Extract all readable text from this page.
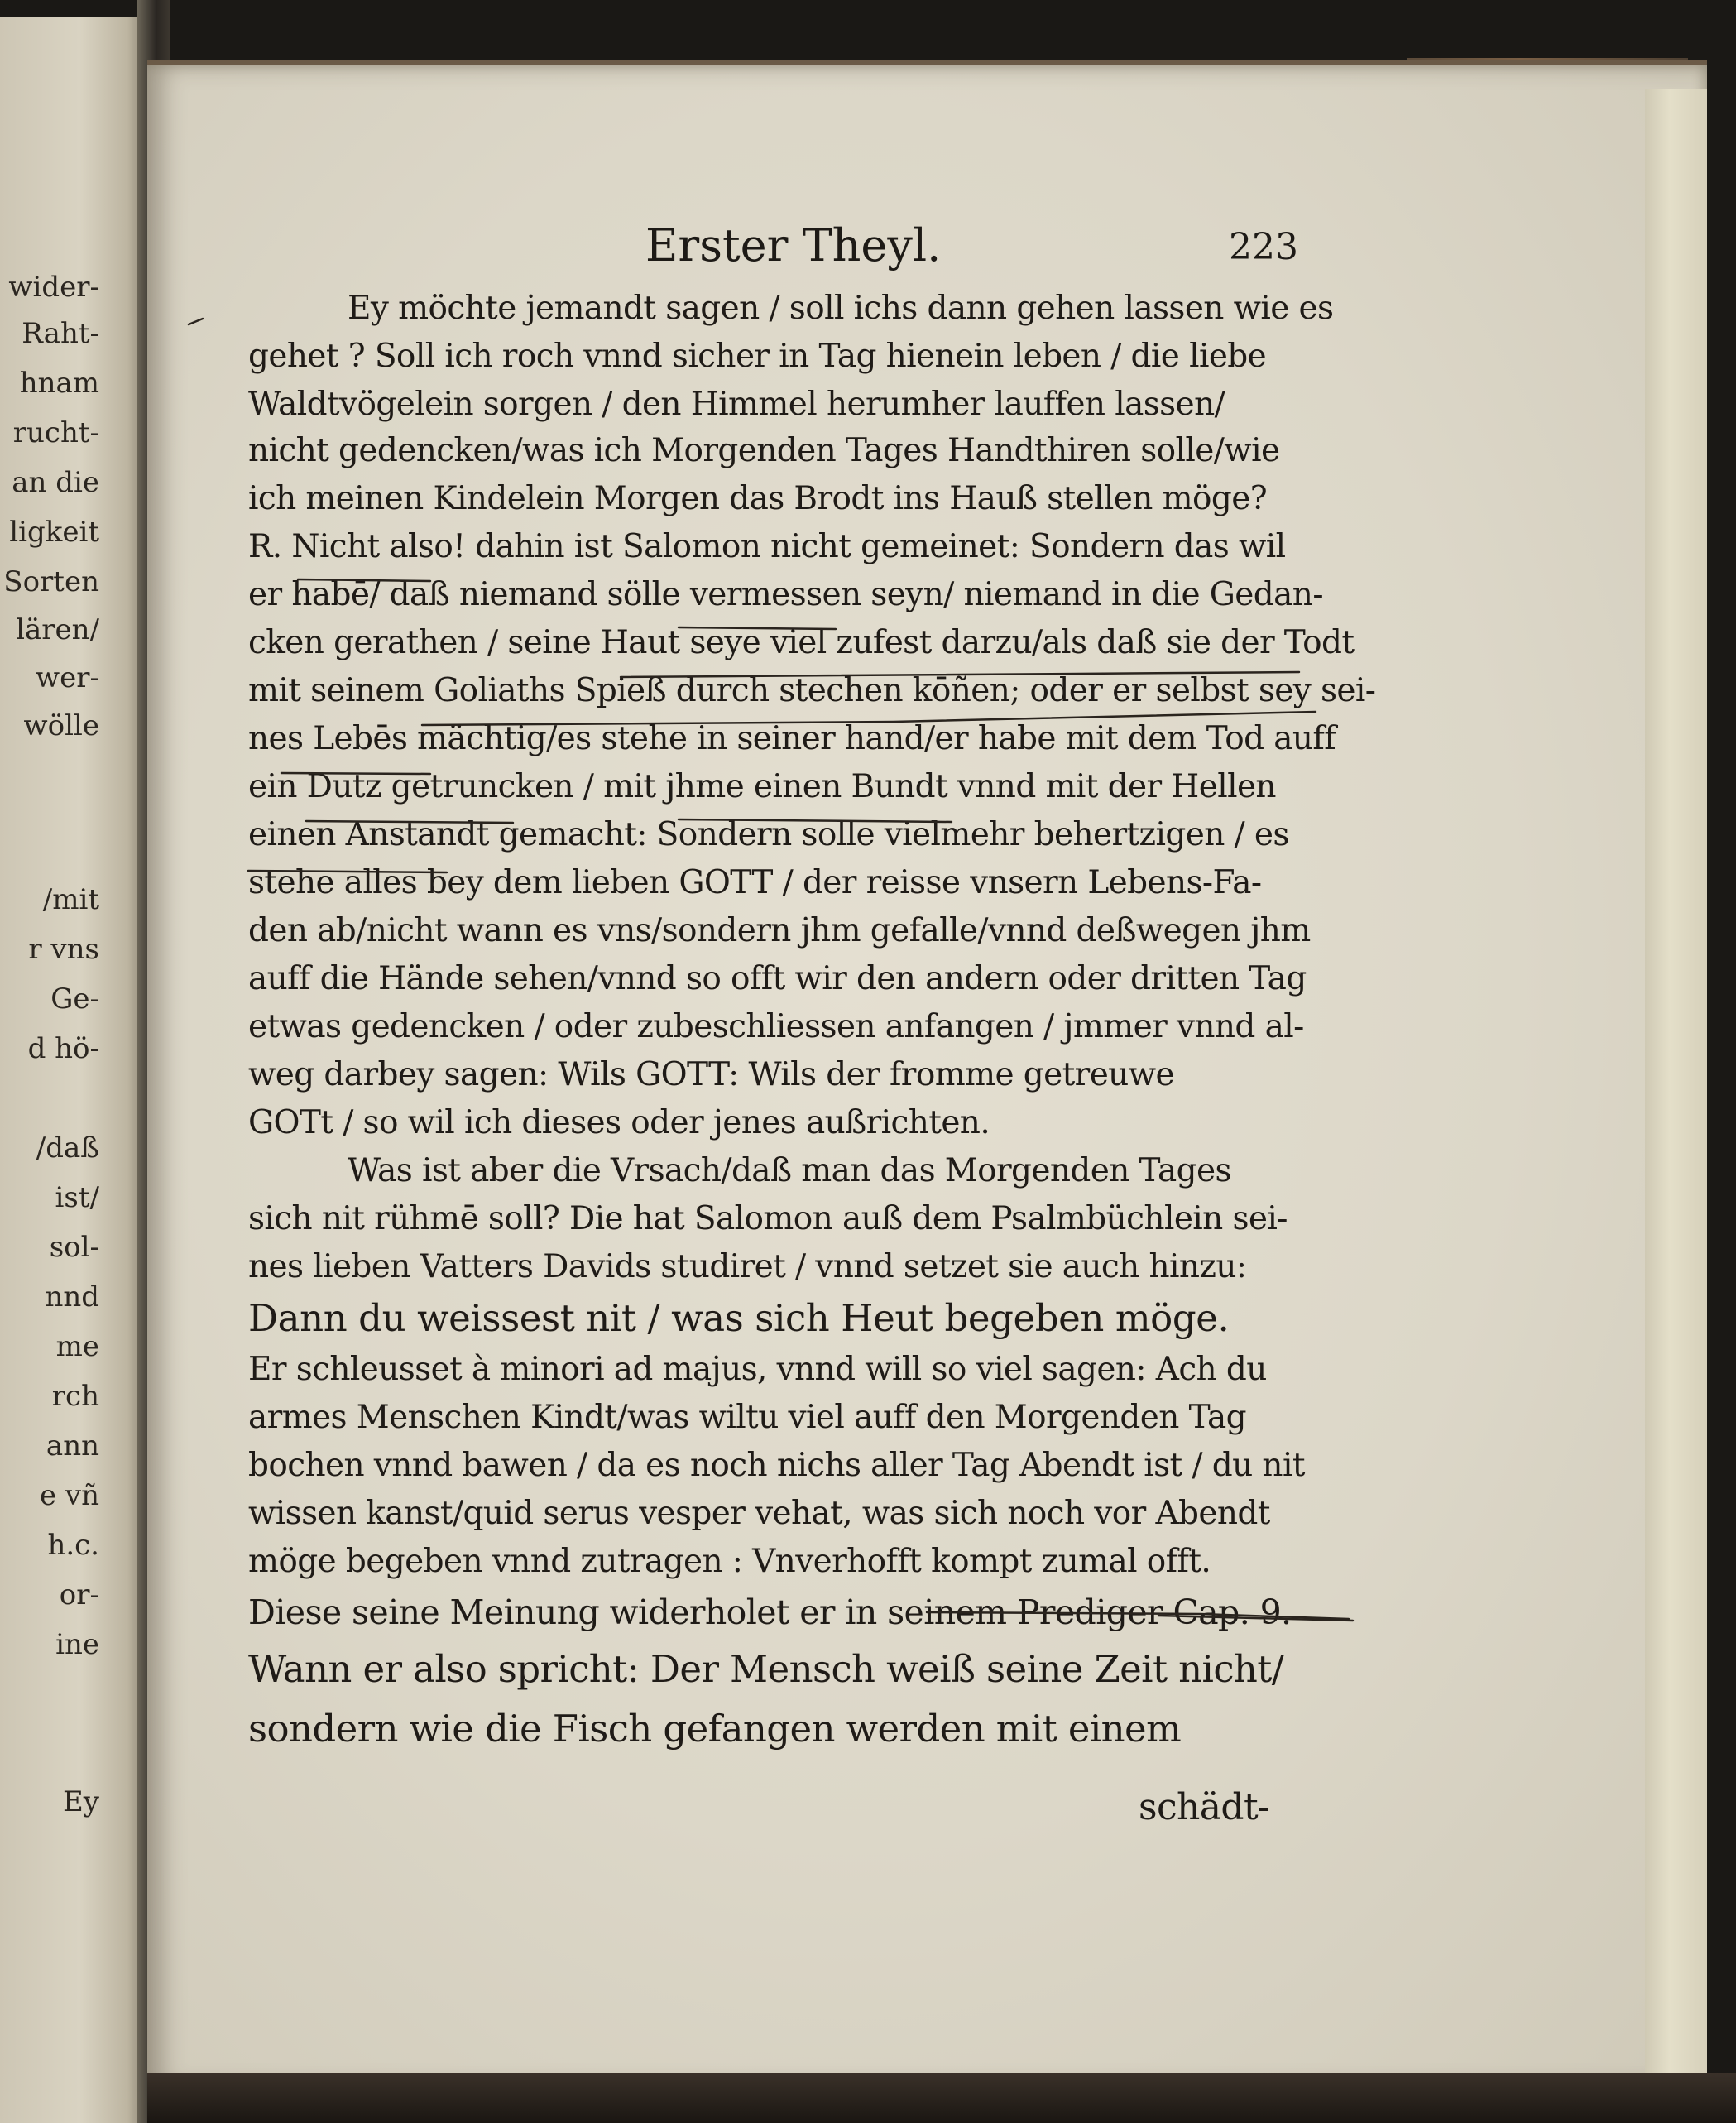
wider-
Raht-
hnam
rucht-
an die
ligkeit
Sorten
lären/
wer-
wölle
/mit
r vns
Ge-
d hö-
/daß
ist/
sol-
nnd
me
rch
ann
e vñ
h.c.
or-
ine
Ey
Erster Theyl.	223
Ey möchte jemandt sagen / soll ichs dann gehen lassen wie es
gehet ? Soll ich roch vnnd sicher in Tag hienein leben / die liebe
Waldtvögelein sorgen / den Himmel herumher lauffen lassen/
nicht gedencken/was ich Morgenden Tages Handthiren solle/wie
ich meinen Kindelein Morgen das Brodt ins Hauß stellen möge?
R. Nicht also! dahin ist Salomon nicht gemeinet: Sondern das wil
er habē/ daß niemand sölle vermessen seyn/ niemand in die Gedan-
cken gerathen / seine Haut seye viel zufest darzu/als daß sie der Todt
mit seinem Goliaths Spieß durch stechen kōñen; oder er selbst sey sei-
nes Lebēs mächtig/es stehe in seiner hand/er habe mit dem Tod auff
ein Dutz getruncken / mit jhme einen Bundt vnnd mit der Hellen
einen Anstandt gemacht: Sondern solle vielmehr behertzigen / es
stehe alles bey dem lieben GOTT / der reisse vnsern Lebens-Fa-
den ab/nicht wann es vns/sondern jhm gefalle/vnnd deßwegen jhm
auff die Hände sehen/vnnd so offt wir den andern oder dritten Tag
etwas gedencken / oder zubeschliessen anfangen / jmmer vnnd al-
weg darbey sagen: Wils GOTT: Wils der fromme getreuwe
GOTt / so wil ich dieses oder jenes außrichten.
Was ist aber die Vrsach/daß man das Morgenden Tages
sich nit rühmē soll? Die hat Salomon auß dem Psalmbüchlein sei-
nes lieben Vatters Davids studiret / vnnd setzet sie auch hinzu:
Dann du weissest nit / was sich Heut begeben möge.
Er schleusset à minori ad majus, vnnd will so viel sagen: Ach du
armes Menschen Kindt/was wiltu viel auff den Morgenden Tag
bochen vnnd bawen / da es noch nichs aller Tag Abendt ist / du nit
wissen kanst/quid serus vesper vehat, was sich noch vor Abendt
möge begeben vnnd zutragen : Vnverhofft kompt zumal offt.
Diese seine Meinung widerholet er in seinem Prediger Cap. 9.
Wann er also spricht: Der Mensch weiß seine Zeit nicht/
sondern wie die Fisch gefangen werden mit einem
schädt-
